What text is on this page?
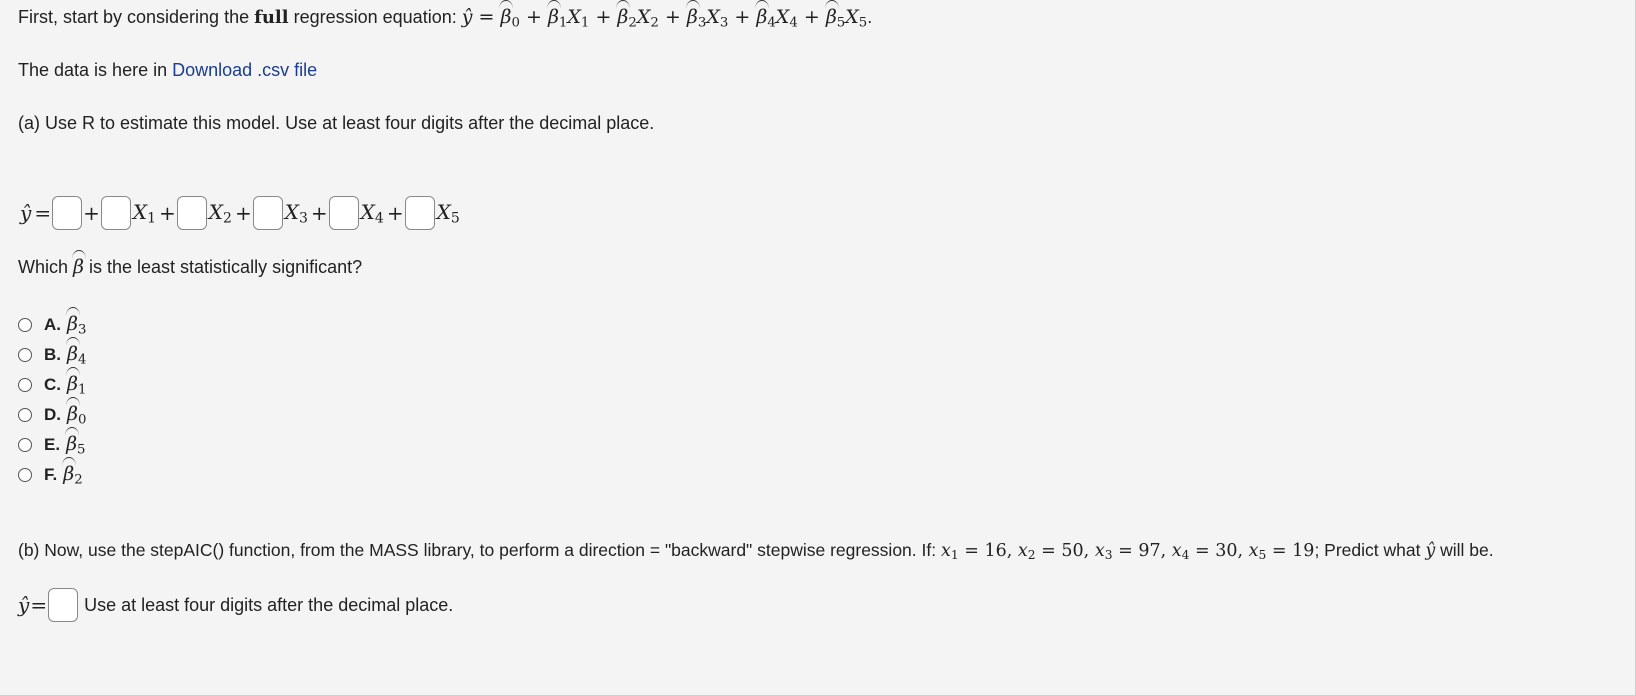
First, start by considering the full regression equation: ŷ = $\beta_0 + \beta_1X_1 + \beta_2X_2 + \beta_3X_3 + \beta_4X_4 + \beta_5X_5$.
The data is here in Download .csv file
(a) Use R to estimate this model. Use at least four digits after the decimal place.
ŷ = + $X_1 + X_2 + X_3 + X_4 + X_5$
Which β is the least statistically significant?
A. $\beta_3$
B. $\beta_4$
C. $\beta_1$
D. $\beta_0$
E. $\beta_5$
F. $\beta_2$
(b) Now, use the stepAIC() function, from the MASS library, to perform a direction = "backward" stepwise regression. If: $x_1 = 16$, $x_2 = 50$, $x_3 = 97$, $x_4 = 30$, $x_5 = 19$; Predict what ŷ will be.
ŷ = Use at least four digits after the decimal place.
